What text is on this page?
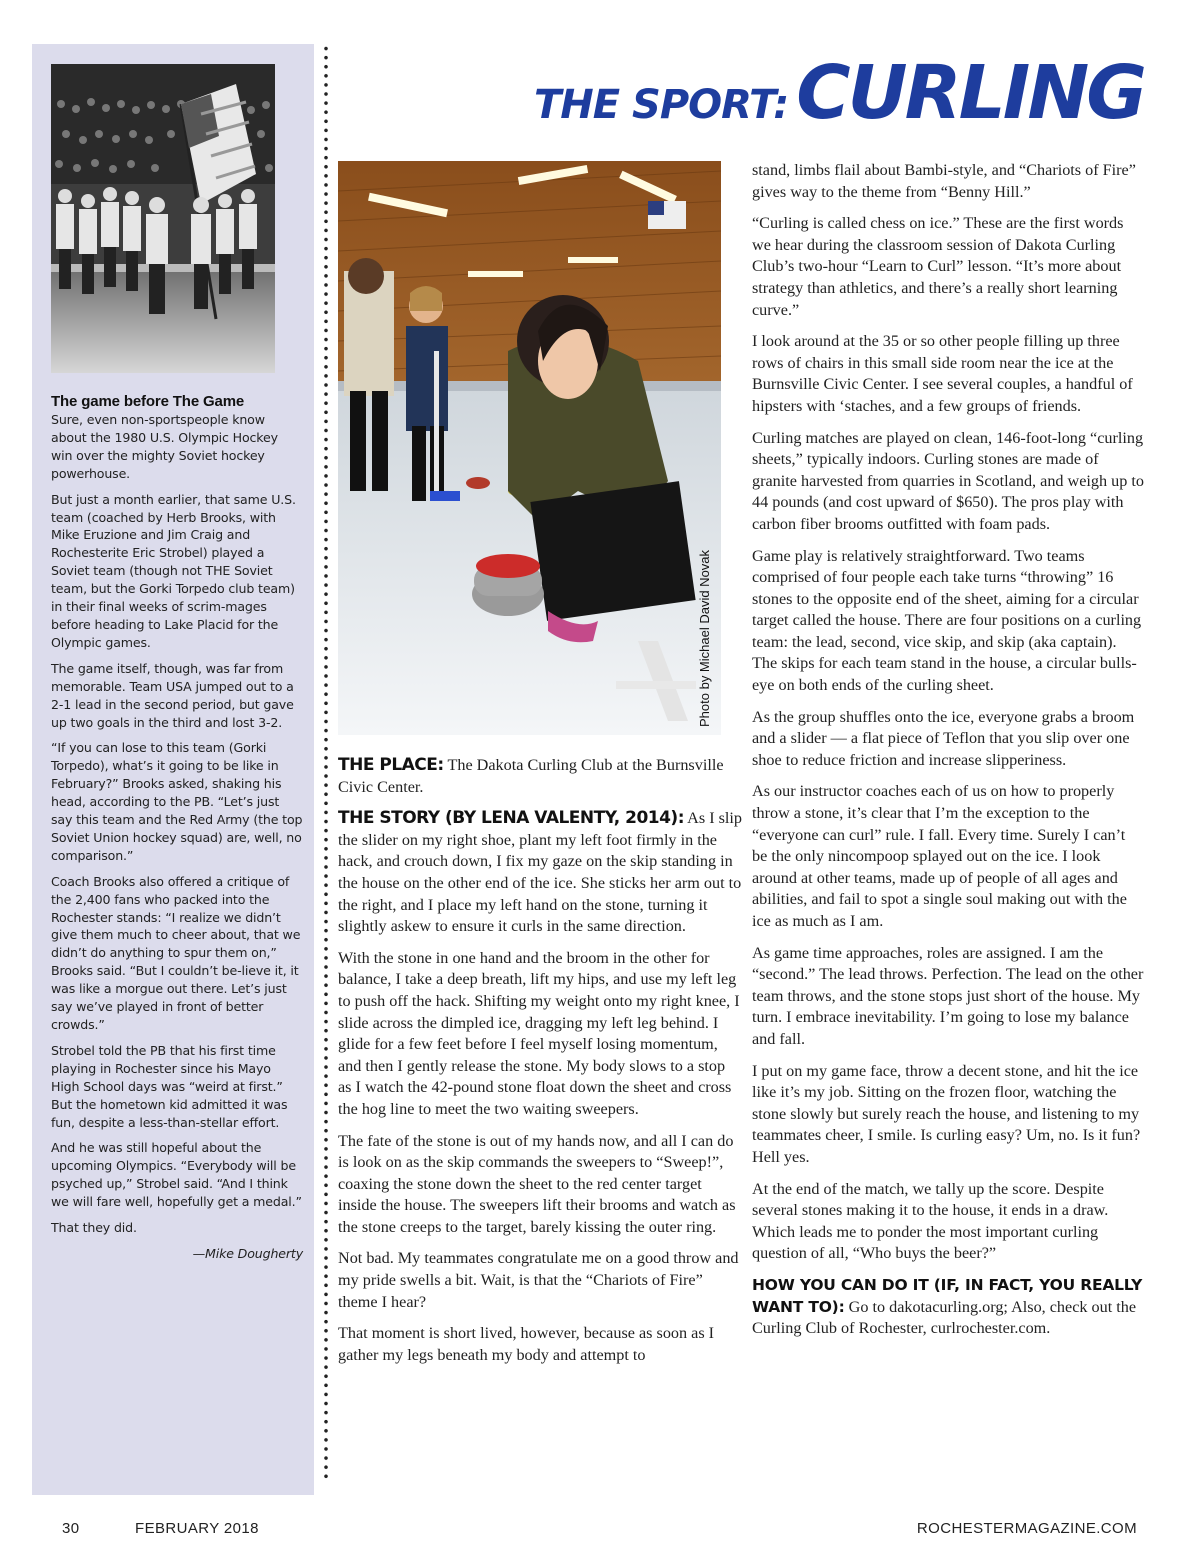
The game before The Game

Sure, even non-sportspeople know about the 1980 U.S. Olympic Hockey win over the mighty Soviet hockey powerhouse.

But just a month earlier, that same U.S. team (coached by Herb Brooks, with Mike Eruzione and Jim Craig and Rochesterite Eric Strobel) played a Soviet team (though not THE Soviet team, but the Gorki Torpedo club team) in their final weeks of scrim-mages before heading to Lake Placid for the Olympic games.

The game itself, though, was far from memorable. Team USA jumped out to a 2-1 lead in the second period, but gave up two goals in the third and lost 3-2.

“If you can lose to this team (Gorki Torpedo), what’s it going to be like in February?” Brooks asked, shaking his head, according to the PB. “Let’s just say this team and the Red Army (the top Soviet Union hockey squad) are, well, no comparison.”

Coach Brooks also offered a critique of the 2,400 fans who packed into the Rochester stands: “I realize we didn’t give them much to cheer about, that we didn’t do anything to spur them on,” Brooks said. “But I couldn’t be-lieve it, it was like a morgue out there. Let’s just say we’ve played in front of better crowds.”

Strobel told the PB that his first time playing in Rochester since his Mayo High School days was “weird at first.” But the hometown kid admitted it was fun, despite a less-than-stellar effort.

And he was still hopeful about the upcoming Olympics. “Everybody will be psyched up,” Strobel said. “And I think we will fare well, hopefully get a medal.”

That they did.

—Mike Dougherty

THE SPORT: CURLING
Photo by Michael David Novak

THE PLACE: The Dakota Curling Club at the Burnsville Civic Center.

THE STORY (BY LENA VALENTY, 2014): As I slip the slider on my right shoe, plant my left foot firmly in the hack, and crouch down, I fix my gaze on the skip standing in the house on the other end of the ice. She sticks her arm out to the right, and I place my left hand on the stone, turning it slightly askew to ensure it curls in the same direction.

With the stone in one hand and the broom in the other for balance, I take a deep breath, lift my hips, and use my left leg to push off the hack. Shifting my weight onto my right knee, I slide across the dimpled ice, dragging my left leg behind. I glide for a few feet before I feel myself losing momentum, and then I gently release the stone. My body slows to a stop as I watch the 42-pound stone float down the sheet and cross the hog line to meet the two waiting sweepers.

The fate of the stone is out of my hands now, and all I can do is look on as the skip commands the sweepers to “Sweep!”, coaxing the stone down the sheet to the red center target inside the house. The sweepers lift their brooms and watch as the stone creeps to the target, barely kissing the outer ring.

Not bad. My teammates congratulate me on a good throw and my pride swells a bit. Wait, is that the “Chariots of Fire” theme I hear?

That moment is short lived, however, because as soon as I gather my legs beneath my body and attempt to

stand, limbs flail about Bambi-style, and “Chariots of Fire” gives way to the theme from “Benny Hill.”

“Curling is called chess on ice.” These are the first words we hear during the classroom session of Dakota Curling Club’s two-hour “Learn to Curl” lesson. “It’s more about strategy than athletics, and there’s a really short learning curve.”

I look around at the 35 or so other people filling up three rows of chairs in this small side room near the ice at the Burnsville Civic Center. I see several couples, a handful of hipsters with ‘staches, and a few groups of friends.

Curling matches are played on clean, 146-foot-long “curling sheets,” typically indoors. Curling stones are made of granite harvested from quarries in Scotland, and weigh up to 44 pounds (and cost upward of $650). The pros play with carbon fiber brooms outfitted with foam pads.

Game play is relatively straightforward. Two teams comprised of four people each take turns “throwing” 16 stones to the opposite end of the sheet, aiming for a circular target called the house. There are four positions on a curling team: the lead, second, vice skip, and skip (aka captain). The skips for each team stand in the house, a circular bulls-eye on both ends of the curling sheet.

As the group shuffles onto the ice, everyone grabs a broom and a slider — a flat piece of Teflon that you slip over one shoe to reduce friction and increase slipperiness.

As our instructor coaches each of us on how to properly throw a stone, it’s clear that I’m the exception to the “everyone can curl” rule. I fall. Every time. Surely I can’t be the only nincompoop splayed out on the ice. I look around at other teams, made up of people of all ages and abilities, and fail to spot a single soul making out with the ice as much as I am.

As game time approaches, roles are assigned. I am the “second.” The lead throws. Perfection. The lead on the other team throws, and the stone stops just short of the house. My turn. I embrace inevitability. I’m going to lose my balance and fall.

I put on my game face, throw a decent stone, and hit the ice like it’s my job. Sitting on the frozen floor, watching the stone slowly but surely reach the house, and listening to my teammates cheer, I smile. Is curling easy? Um, no. Is it fun? Hell yes.

At the end of the match, we tally up the score. Despite several stones making it to the house, it ends in a draw. Which leads me to ponder the most important curling question of all, “Who buys the beer?”

HOW YOU CAN DO IT (IF, IN FACT, YOU REALLY WANT TO): Go to dakotacurling.org; Also, check out the Curling Club of Rochester, curlrochester.com.

30	FEBRUARY 2018	ROCHESTERMAGAZINE.COM
